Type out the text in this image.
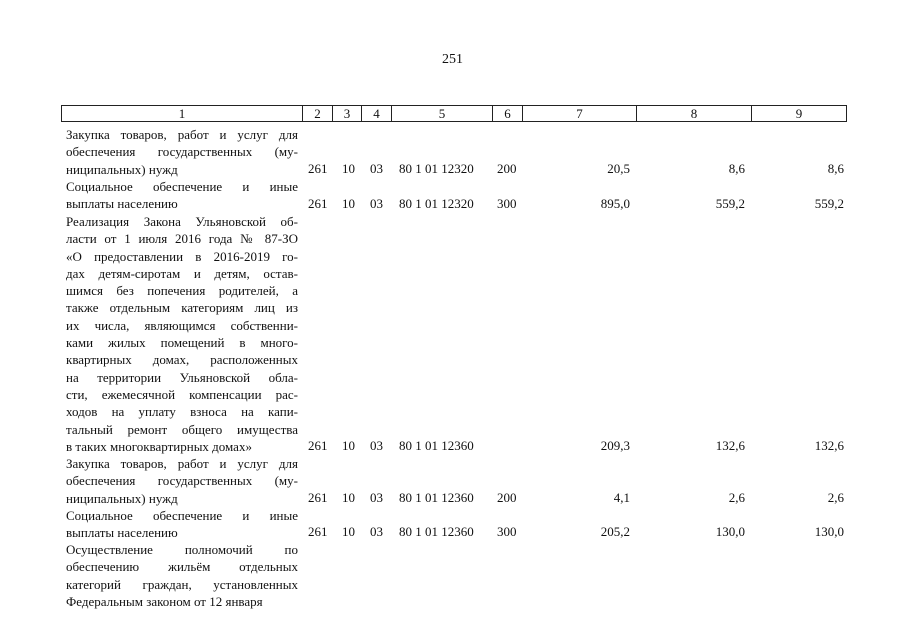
251
1	2	3	4	5	6	7	8	9
Закупка товаров, работ и услуг для
обеспечения государственных (му-
ниципальных) нужд	261 10 03 80 1 01 12320 200	20,5	8,6	8,6
Социальное обеспечение и иные
выплаты населению	261 10 03 80 1 01 12320 300	895,0	559,2	559,2
Реализация Закона Ульяновской об-
ласти от 1 июля 2016 года № 87-ЗО
«О предоставлении в 2016-2019 го-
дах детям-сиротам и детям, остав-
шимся без попечения родителей, а
также отдельным категориям лиц из
их числа, являющимся собственни-
ками жилых помещений в много-
квартирных домах, расположенных
на территории Ульяновской обла-
сти, ежемесячной компенсации рас-
ходов на уплату взноса на капи-
тальный ремонт общего имущества
в таких многоквартирных домах»	261 10 03 80 1 01 12360	209,3	132,6	132,6
Закупка товаров, работ и услуг для
обеспечения государственных (му-
ниципальных) нужд	261 10 03 80 1 01 12360 200	4,1	2,6	2,6
Социальное обеспечение и иные
выплаты населению	261 10 03 80 1 01 12360 300	205,2	130,0	130,0
Осуществление полномочий по
обеспечению жильём отдельных
категорий граждан, установленных
Федеральным законом от 12 января
